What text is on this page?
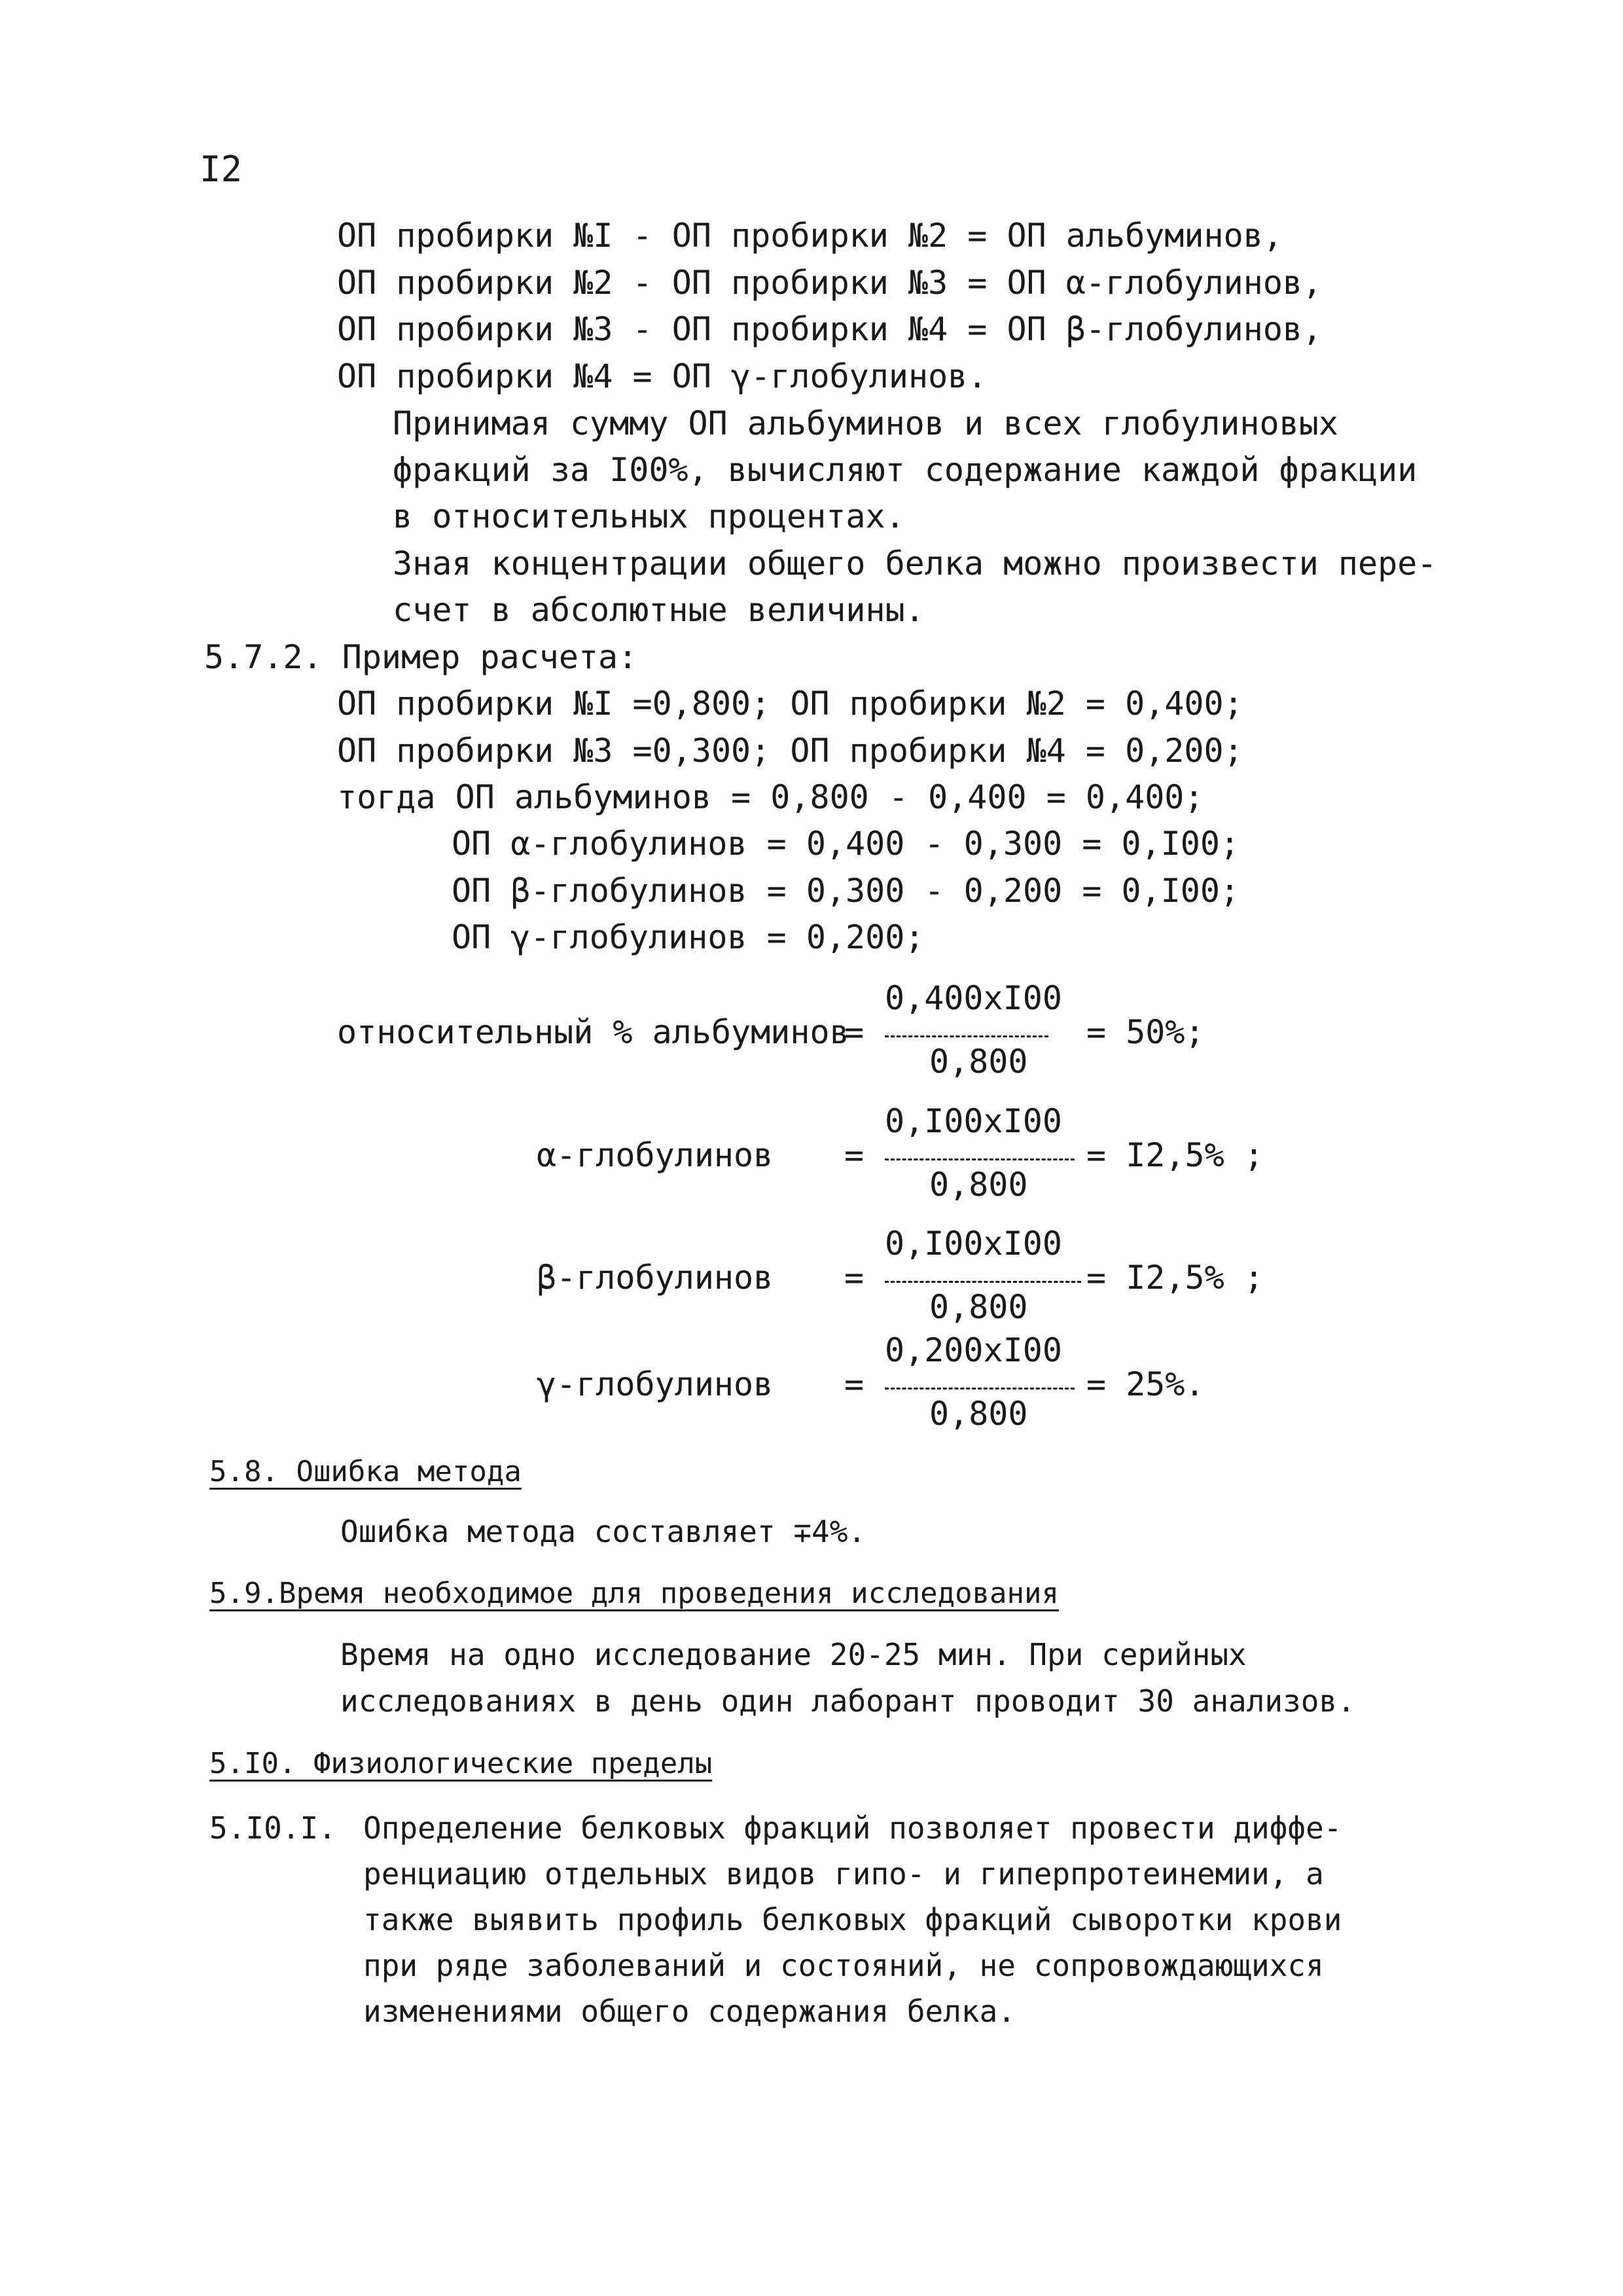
I2
ОП пробирки №I - ОП пробирки №2 = ОП альбуминов,
ОП пробирки №2 - ОП пробирки №3 = ОП α-глобулинов,
ОП пробирки №3 - ОП пробирки №4 = ОП β-глобулинов,
ОП пробирки №4 = ОП γ-глобулинов.
Принимая сумму ОП альбуминов и всех глобулиновых
фракций за I00%, вычисляют содержание каждой фракции
в относительных процентах.
Зная концентрации общего белка можно произвести пере-
счет в абсолютные величины.
5.7.2. Пример расчета:
ОП пробирки №I =0,800; ОП пробирки №2 = 0,400;
ОП пробирки №3 =0,300; ОП пробирки №4 = 0,200;
тогда ОП альбуминов = 0,800 - 0,400 = 0,400;
ОП α-глобулинов = 0,400 - 0,300 = 0,I00;
ОП β-глобулинов = 0,300 - 0,200 = 0,I00;
ОП γ-глобулинов = 0,200;
относительный % альбуминов
=
0,400xI00
0,800
= 50%;
α-глобулинов =
0,I00xI00
0,800
= I2,5% ;
β-глобулинов =
0,I00xI00
0,800
= I2,5% ;
γ-глобулинов =
0,200xI00
0,800
= 25%.
5.8. Ошибка метода
Ошибка метода составляет ∓4%.
5.9.Время необходимое для проведения исследования
Время на одно исследование 20-25 мин. При серийных
исследованиях в день один лаборант проводит 30 анализов.
5.I0. Физиологические пределы
5.I0.I. Определение белковых фракций позволяет провести диффе-
ренциацию отдельных видов гипо- и гиперпротеинемии, а
также выявить профиль белковых фракций сыворотки крови
при ряде заболеваний и состояний, не сопровождающихся
изменениями общего содержания белка.
